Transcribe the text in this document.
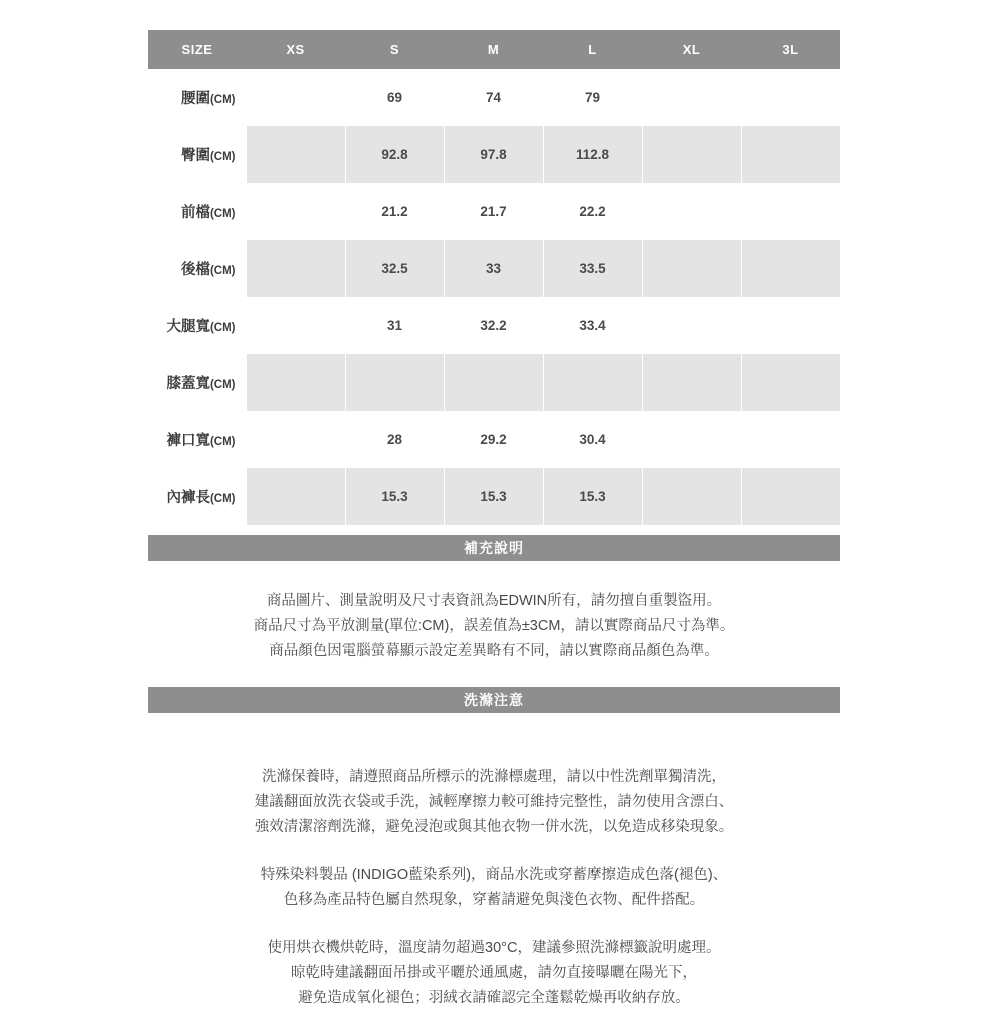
SIZE	XS	S	M	L	XL	3L
腰圍(CM)		69	74	79		
臀圍(CM)		92.8	97.8	112.8		
前檔(CM)		21.2	21.7	22.2		
後檔(CM)		32.5	33	33.5		
大腿寬(CM)		31	32.2	33.4		
膝蓋寬(CM)						
褲口寬(CM)		28	29.2	30.4		
內褲長(CM)		15.3	15.3	15.3		
補充說明

商品圖片、測量說明及尺寸表資訊為EDWIN所有，請勿擅自重製盜用。

商品尺寸為平放測量(單位:CM)，誤差值為±3CM，請以實際商品尺寸為準。

商品顏色因電腦螢幕顯示設定差異略有不同，請以實際商品顏色為準。

洗滌注意

洗滌保養時，請遵照商品所標示的洗滌標處理，請以中性洗劑單獨清洗，

建議翻面放洗衣袋或手洗，減輕摩擦力較可維持完整性，請勿使用含漂白、

強效清潔溶劑洗滌，避免浸泡或與其他衣物一併水洗，以免造成移染現象。

特殊染料製品 (INDIGO藍染系列)，商品水洗或穿蓄摩擦造成色落(褪色)、

色移為產品特色屬自然現象，穿蓄請避免與淺色衣物、配件搭配。

使用烘衣機烘乾時，溫度請勿超過30°C，建議參照洗滌標籤說明處理。

晾乾時建議翻面吊掛或平曬於通風處，請勿直接曝曬在陽光下，

避免造成氧化褪色；羽絨衣請確認完全蓬鬆乾燥再收納存放。
